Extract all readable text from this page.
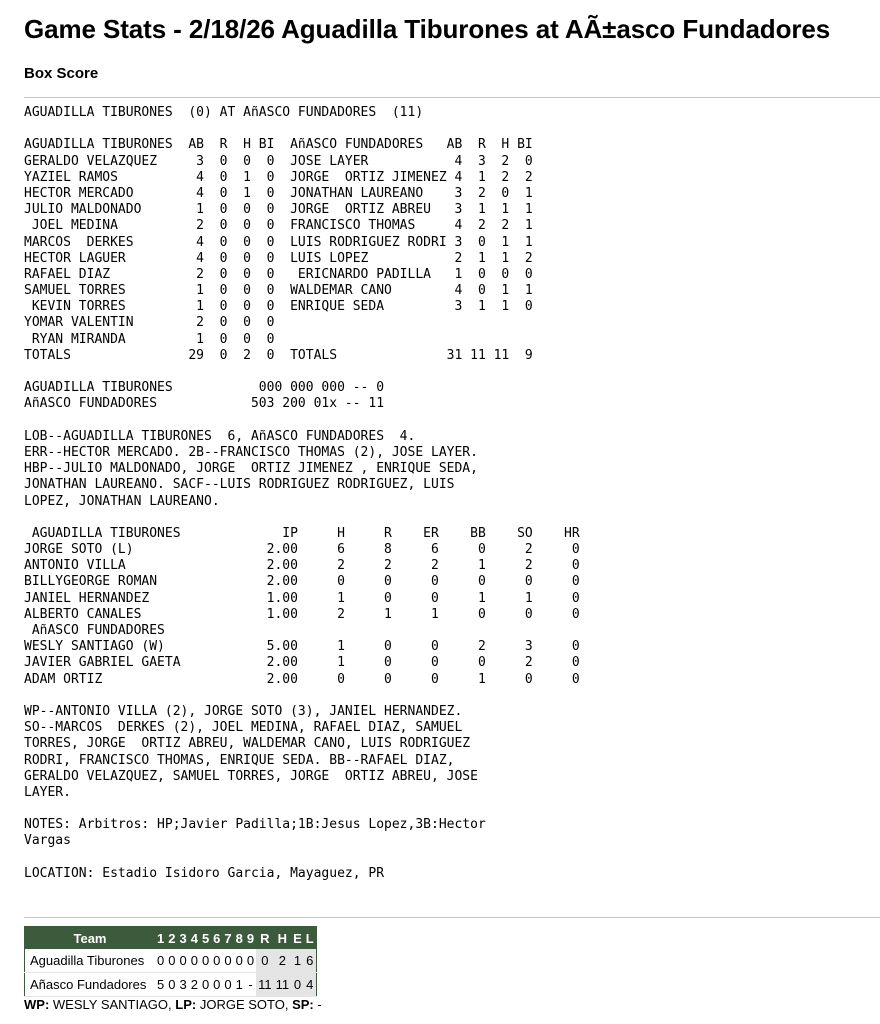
Game Stats - 2/18/26 Aguadilla Tiburones at AÃ±asco Fundadores
Box Score
AGUADILLA TIBURONES  (0) AT AñASCO FUNDADORES  (11)
AGUADILLA TIBURONES  AB  R  H BI  AñASCO FUNDADORES   AB  R  H BI
GERALDO VELAZQUEZ     3  0  0  0  JOSE LAYER           4  3  2  0
YAZIEL RAMOS          4  0  1  0  JORGE  ORTIZ JIMENEZ 4  1  2  2
HECTOR MERCADO        4  0  1  0  JONATHAN LAUREANO    3  2  0  1
JULIO MALDONADO       1  0  0  0  JORGE  ORTIZ ABREU   3  1  1  1
JOEL MEDINA          2  0  0  0  FRANCISCO THOMAS     4  2  2  1
MARCOS  DERKES        4  0  0  0  LUIS RODRIGUEZ RODRI 3  0  1  1
HECTOR LAGUER         4  0  0  0  LUIS LOPEZ           2  1  1  2
RAFAEL DIAZ           2  0  0  0   ERICNARDO PADILLA   1  0  0  0
SAMUEL TORRES         1  0  0  0  WALDEMAR CANO        4  0  1  1
KEVIN TORRES         1  0  0  0  ENRIQUE SEDA         3  1  1  0
YOMAR VALENTIN        2  0  0  0
RYAN MIRANDA         1  0  0  0
TOTALS               29  0  2  0  TOTALS              31 11 11  9
AGUADILLA TIBURONES           000 000 000 -- 0
AñASCO FUNDADORES            503 200 01x -- 11
LOB--AGUADILLA TIBURONES  6, AñASCO FUNDADORES  4.
ERR--HECTOR MERCADO. 2B--FRANCISCO THOMAS (2), JOSE LAYER.
HBP--JULIO MALDONADO, JORGE  ORTIZ JIMENEZ , ENRIQUE SEDA,
JONATHAN LAUREANO. SACF--LUIS RODRIGUEZ RODRIGUEZ, LUIS
LOPEZ, JONATHAN LAUREANO.
AGUADILLA TIBURONES             IP     H     R    ER    BB    SO    HR
JORGE SOTO (L)                 2.00     6     8     6     0     2     0
ANTONIO VILLA                  2.00     2     2     2     1     2     0
BILLYGEORGE ROMAN              2.00     0     0     0     0     0     0
JANIEL HERNANDEZ               1.00     1     0     0     1     1     0
ALBERTO CANALES                1.00     2     1     1     0     0     0
AñASCO FUNDADORES
WESLY SANTIAGO (W)             5.00     1     0     0     2     3     0
JAVIER GABRIEL GAETA           2.00     1     0     0     0     2     0
ADAM ORTIZ                     2.00     0     0     0     1     0     0
WP--ANTONIO VILLA (2), JORGE SOTO (3), JANIEL HERNANDEZ.
SO--MARCOS  DERKES (2), JOEL MEDINA, RAFAEL DIAZ, SAMUEL
TORRES, JORGE  ORTIZ ABREU, WALDEMAR CANO, LUIS RODRIGUEZ
RODRI, FRANCISCO THOMAS, ENRIQUE SEDA. BB--RAFAEL DIAZ,
GERALDO VELAZQUEZ, SAMUEL TORRES, JORGE  ORTIZ ABREU, JOSE
LAYER.
NOTES: Arbitros: HP;Javier Padilla;1B:Jesus Lopez,3B:Hector
Vargas
LOCATION: Estadio Isidoro Garcia, Mayaguez, PR
Team	1	2	3	4	5	6	7	8	9	R	H	E	L
Aguadilla Tiburones	0	0	0	0	0	0	0	0	0	0	2	1	6
Añasco Fundadores	5	0	3	2	0	0	0	1	-	11	11	0	4

WP: WESLY SANTIAGO, LP: JORGE SOTO, SP: -
